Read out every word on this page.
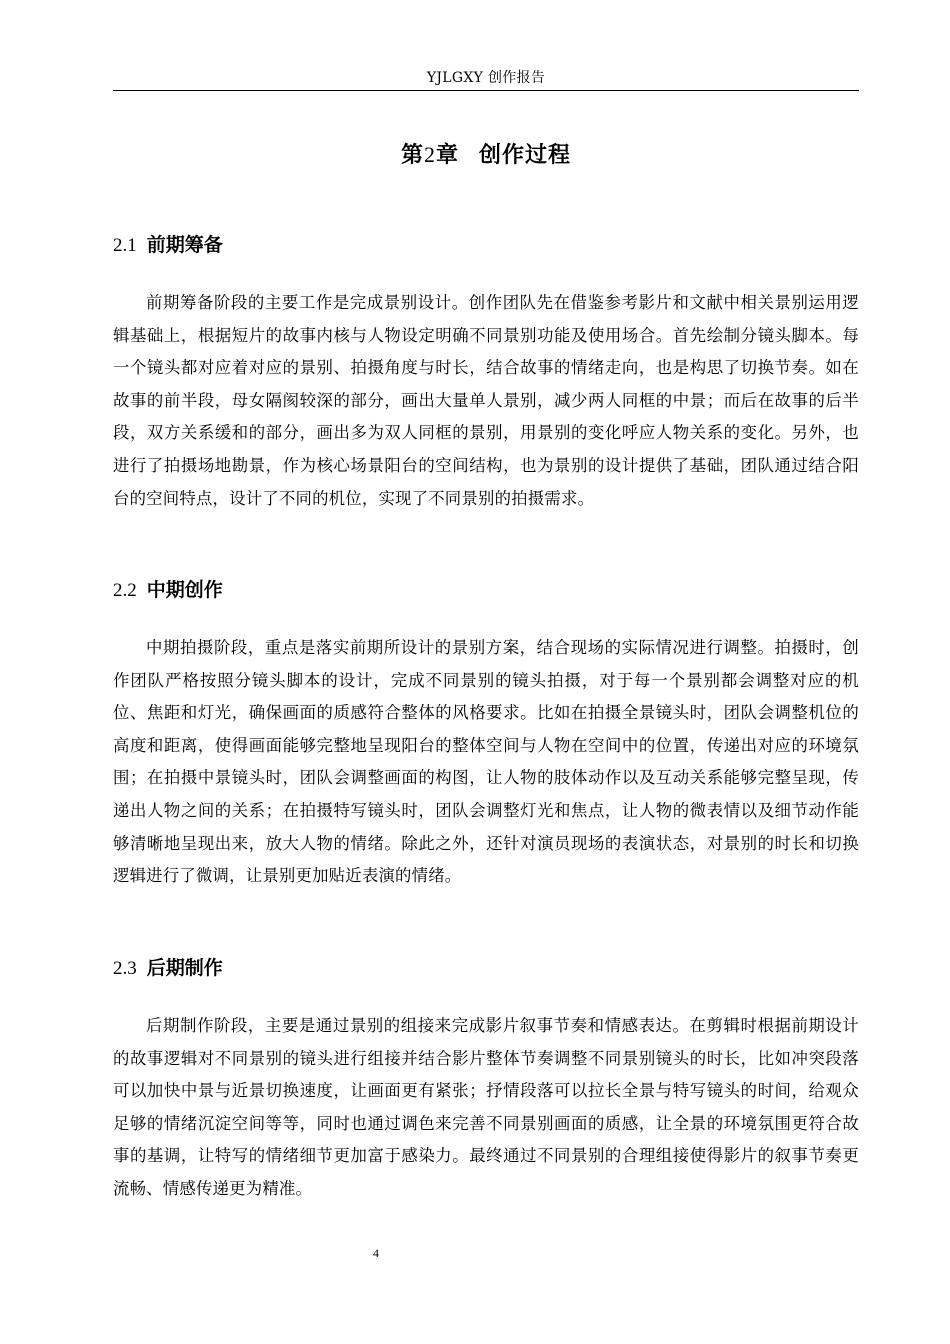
YJLGXY 创作报告
第2章 创作过程
2.1 前期筹备

前期筹备阶段的主要工作是完成景别设计。创作团队先在借鉴参考影片和文献中相关景别运用逻辑基础上，根据短片的故事内核与人物设定明确不同景别功能及使用场合。首先绘制分镜头脚本。每一个镜头都对应着对应的景别、拍摄角度与时长，结合故事的情绪走向，也是构思了切换节奏。如在故事的前半段，母女隔阂较深的部分，画出大量单人景别，减少两人同框的中景；而后在故事的后半段，双方关系缓和的部分，画出多为双人同框的景别，用景别的变化呼应人物关系的变化。另外，也进行了拍摄场地勘景，作为核心场景阳台的空间结构，也为景别的设计提供了基础，团队通过结合阳台的空间特点，设计了不同的机位，实现了不同景别的拍摄需求。

2.2 中期创作

中期拍摄阶段，重点是落实前期所设计的景别方案，结合现场的实际情况进行调整。拍摄时，创作团队严格按照分镜头脚本的设计，完成不同景别的镜头拍摄，对于每一个景别都会调整对应的机位、焦距和灯光，确保画面的质感符合整体的风格要求。比如在拍摄全景镜头时，团队会调整机位的高度和距离，使得画面能够完整地呈现阳台的整体空间与人物在空间中的位置，传递出对应的环境氛围；在拍摄中景镜头时，团队会调整画面的构图，让人物的肢体动作以及互动关系能够完整呈现，传递出人物之间的关系；在拍摄特写镜头时，团队会调整灯光和焦点，让人物的微表情以及细节动作能够清晰地呈现出来，放大人物的情绪。除此之外，还针对演员现场的表演状态，对景别的时长和切换逻辑进行了微调，让景别更加贴近表演的情绪。

2.3 后期制作

后期制作阶段，主要是通过景别的组接来完成影片叙事节奏和情感表达。在剪辑时根据前期设计的故事逻辑对不同景别的镜头进行组接并结合影片整体节奏调整不同景别镜头的时长，比如冲突段落可以加快中景与近景切换速度，让画面更有紧张；抒情段落可以拉长全景与特写镜头的时间，给观众足够的情绪沉淀空间等等，同时也通过调色来完善不同景别画面的质感，让全景的环境氛围更符合故事的基调，让特写的情绪细节更加富于感染力。最终通过不同景别的合理组接使得影片的叙事节奏更流畅、情感传递更为精准。

4
